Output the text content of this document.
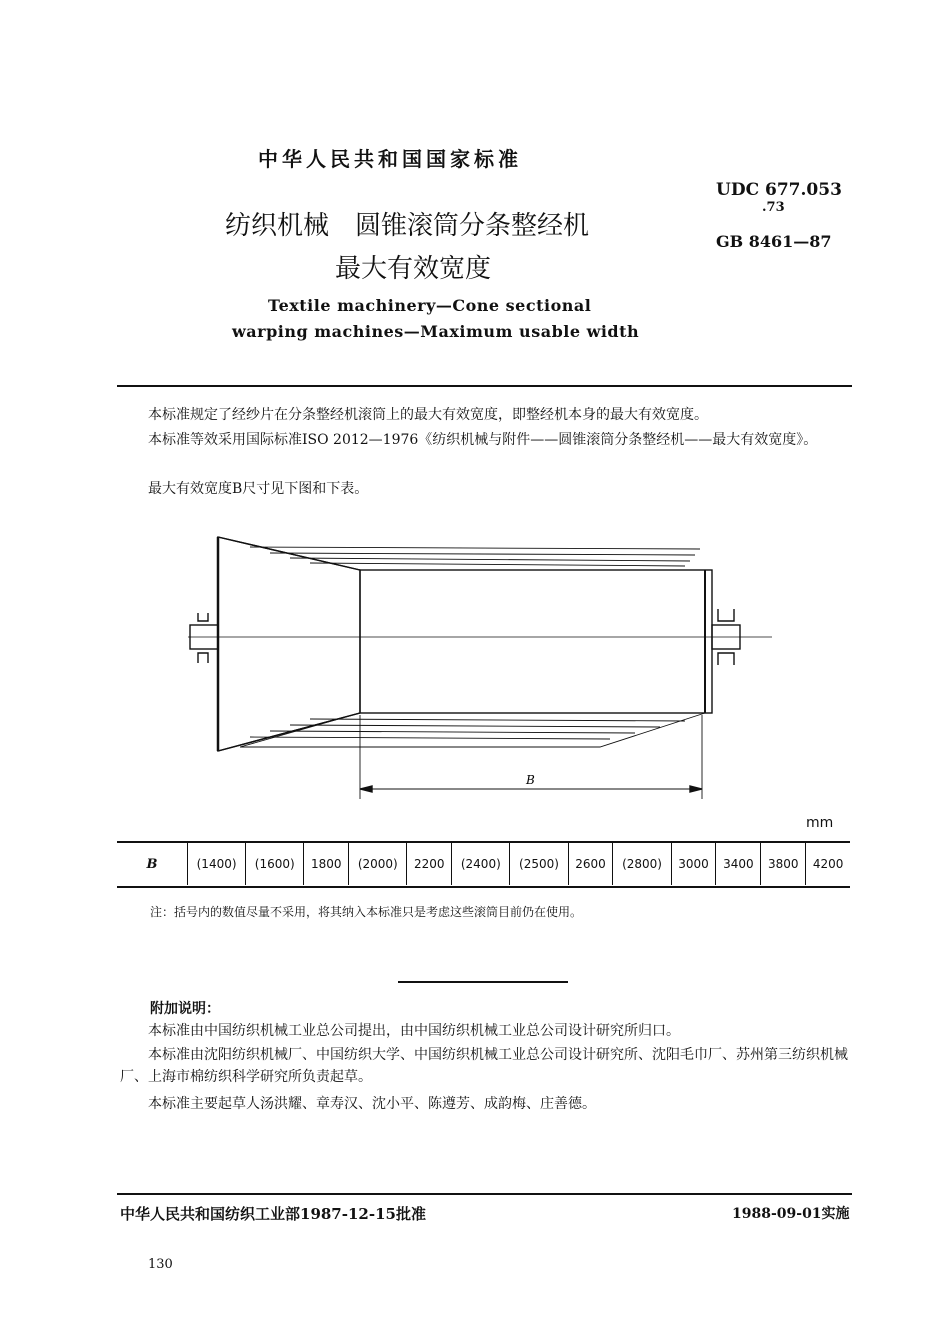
中华人民共和国国家标准
UDC 677.053
.73
GB 8461—87
纺织机械　圆锥滚筒分条整经机
最大有效宽度
Textile machinery—Cone sectional
warping machines—Maximum usable width
本标准规定了经纱片在分条整经机滚筒上的最大有效宽度，即整经机本身的最大有效宽度。
本标准等效采用国际标准ISO 2012—1976《纺织机械与附件——圆锥滚筒分条整经机——最大有效宽度》。
最大有效宽度B尺寸见下图和下表。
B
mm
B	(1400)	(1600)	1800	(2000)	2200	(2400)	(2500)	2600	(2800)	3000	3400	3800	4200
注：括号内的数值尽量不采用，将其纳入本标准只是考虑这些滚筒目前仍在使用。
附加说明：
本标准由中国纺织机械工业总公司提出，由中国纺织机械工业总公司设计研究所归口。
本标准由沈阳纺织机械厂、中国纺织大学、中国纺织机械工业总公司设计研究所、沈阳毛巾厂、苏州第三纺织机械厂、上海市棉纺织科学研究所负责起草。
本标准主要起草人汤洪耀、章寿汉、沈小平、陈遵芳、成韵梅、庄善德。
中华人民共和国纺织工业部1987-12-15批准	1988-09-01实施
130
